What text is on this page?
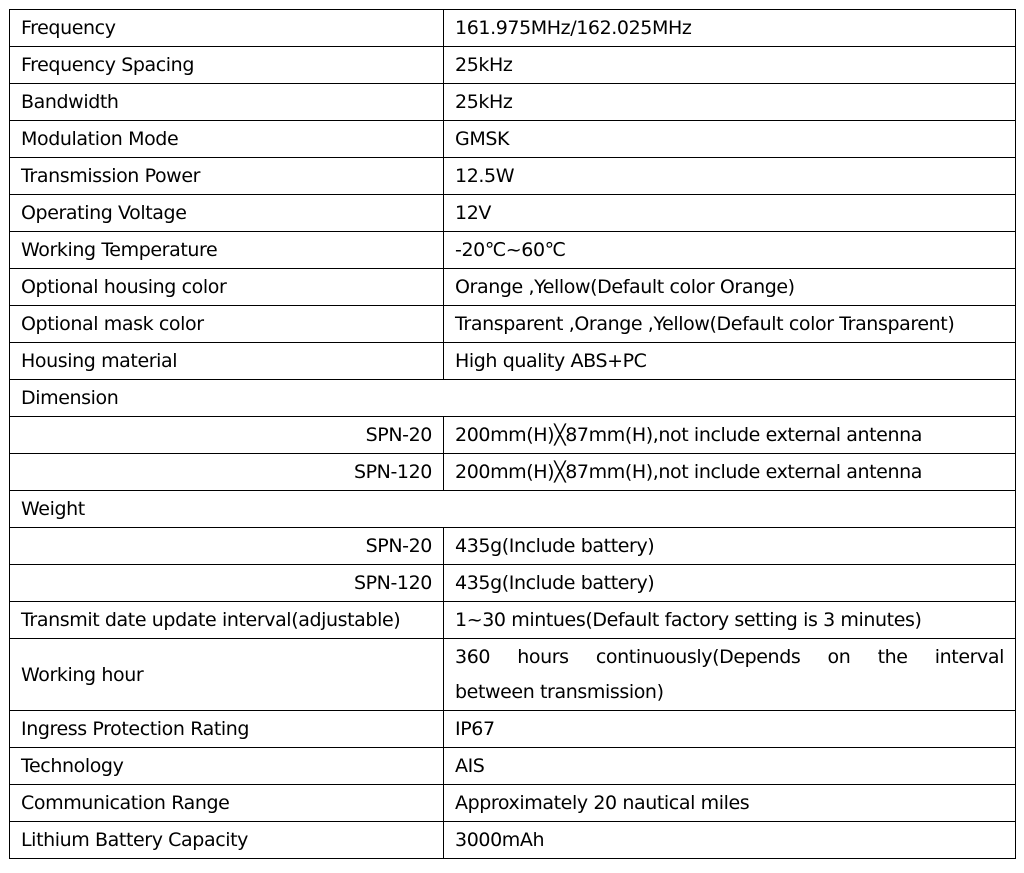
Frequency	161.975MHz/162.025MHz
Frequency Spacing	25kHz
Bandwidth	25kHz
Modulation Mode	GMSK
Transmission Power	12.5W
Operating Voltage	12V
Working Temperature	-20℃~60℃
Optional housing color	Orange ,Yellow(Default color Orange)
Optional mask color	Transparent ,Orange ,Yellow(Default color Transparent)
Housing material	High quality ABS+PC
Dimension	
SPN-20	200mm(H)╳87mm(H),not include external antenna
SPN-120	200mm(H)╳87mm(H),not include external antenna
Weight	
SPN-20	435g(Include battery)
SPN-120	435g(Include battery)
Transmit date update interval(adjustable)	1~30 mintues(Default factory setting is 3 minutes)
Working hour	360 hours continuously(Depends on the interval
between transmission)
Ingress Protection Rating	IP67
Technology	AIS
Communication Range	Approximately 20 nautical miles
Lithium Battery Capacity	3000mAh
